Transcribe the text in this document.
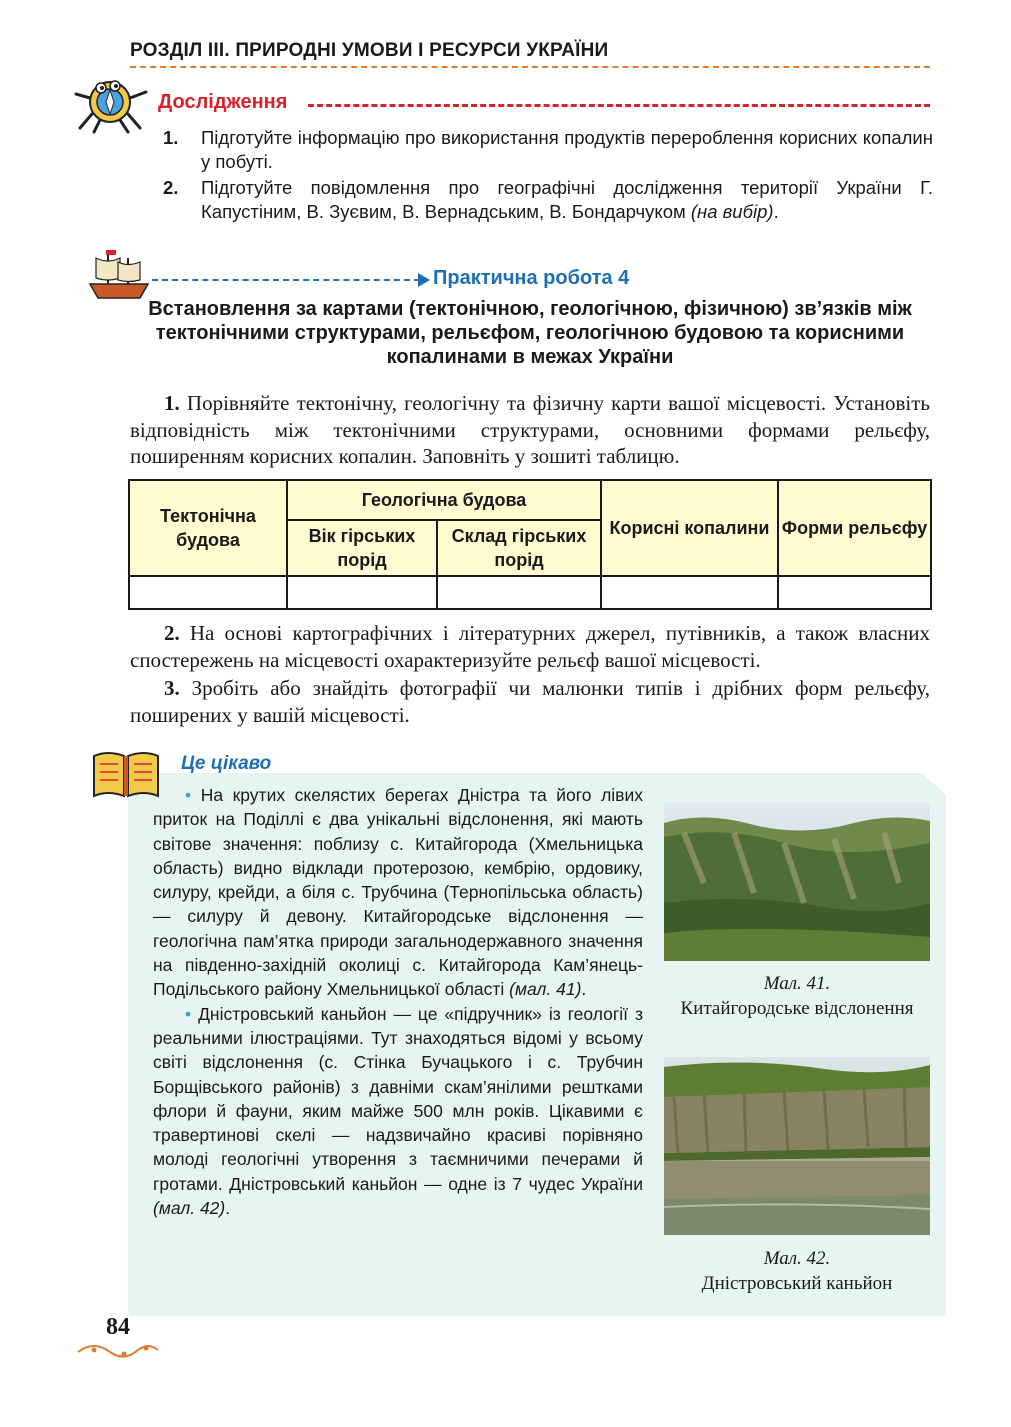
РОЗДІЛ ІІІ. ПРИРОДНІ УМОВИ І РЕСУРСИ УКРАЇНИ
Дослідження
1. Підготуйте інформацію про використання продуктів перероблення корисних копалин у побуті.
2. Підготуйте повідомлення про географічні дослідження території України Г. Капустіним, В. Зуєвим, В. Вернадським, В. Бондарчуком (на вибір).
Практична робота 4
Встановлення за картами (тектонічною, геологічною, фізичною) зв’язків між тектонічними структурами, рельєфом, геологічною будовою та корисними копалинами в межах України
1. Порівняйте тектонічну, геологічну та фізичну карти вашої місцевості. Установіть відповідність між тектонічними структурами, основними формами рельєфу, поширенням корисних копалин. Заповніть у зошиті таблицю.
Тектонічна будова	Геологічна будова		Корисні копалини	Форми рельєфу
	Вік гірських порід	Склад гірських порід		

2. На основі картографічних і літературних джерел, путівників, а також власних спостережень на місцевості охарактеризуйте рельєф вашої місцевості.
3. Зробіть або знайдіть фотографії чи малюнки типів і дрібних форм рельєфу, поширених у вашій місцевості.
Це цікаво

• На крутих скелястих берегах Дністра та його лівих приток на Поділлі є два унікальні відслонення, які мають світове значення: поблизу с. Китайгорода (Хмельницька область) видно відклади протерозою, кембрію, ордовику, силуру, крейди, а біля с. Трубчина (Тернопільська область) — силуру й девону. Китайгородське відслонення — геологічна пам’ятка природи загальнодержавного значення на південно-західній околиці с. Китайгорода Кам’янець-Подільського району Хмельницької області (мал. 41).

• Дністровський каньйон — це «підручник» із геології з реальними ілюстраціями. Тут знаходяться відомі у всьому світі відслонення (с. Стінка Бучацького і с. Трубчин Борщівського районів) з давніми скам’янілими рештками флори й фауни, яким майже 500 млн років. Цікавими є травертинові скелі — надзвичайно красиві порівняно молоді геологічні утворення з таємничими печерами й гротами. Дністровський каньйон — одне із 7 чудес України (мал. 42).

Мал. 41.
Китайгородське відслонення
Мал. 42.
Дністровський каньйон
84
